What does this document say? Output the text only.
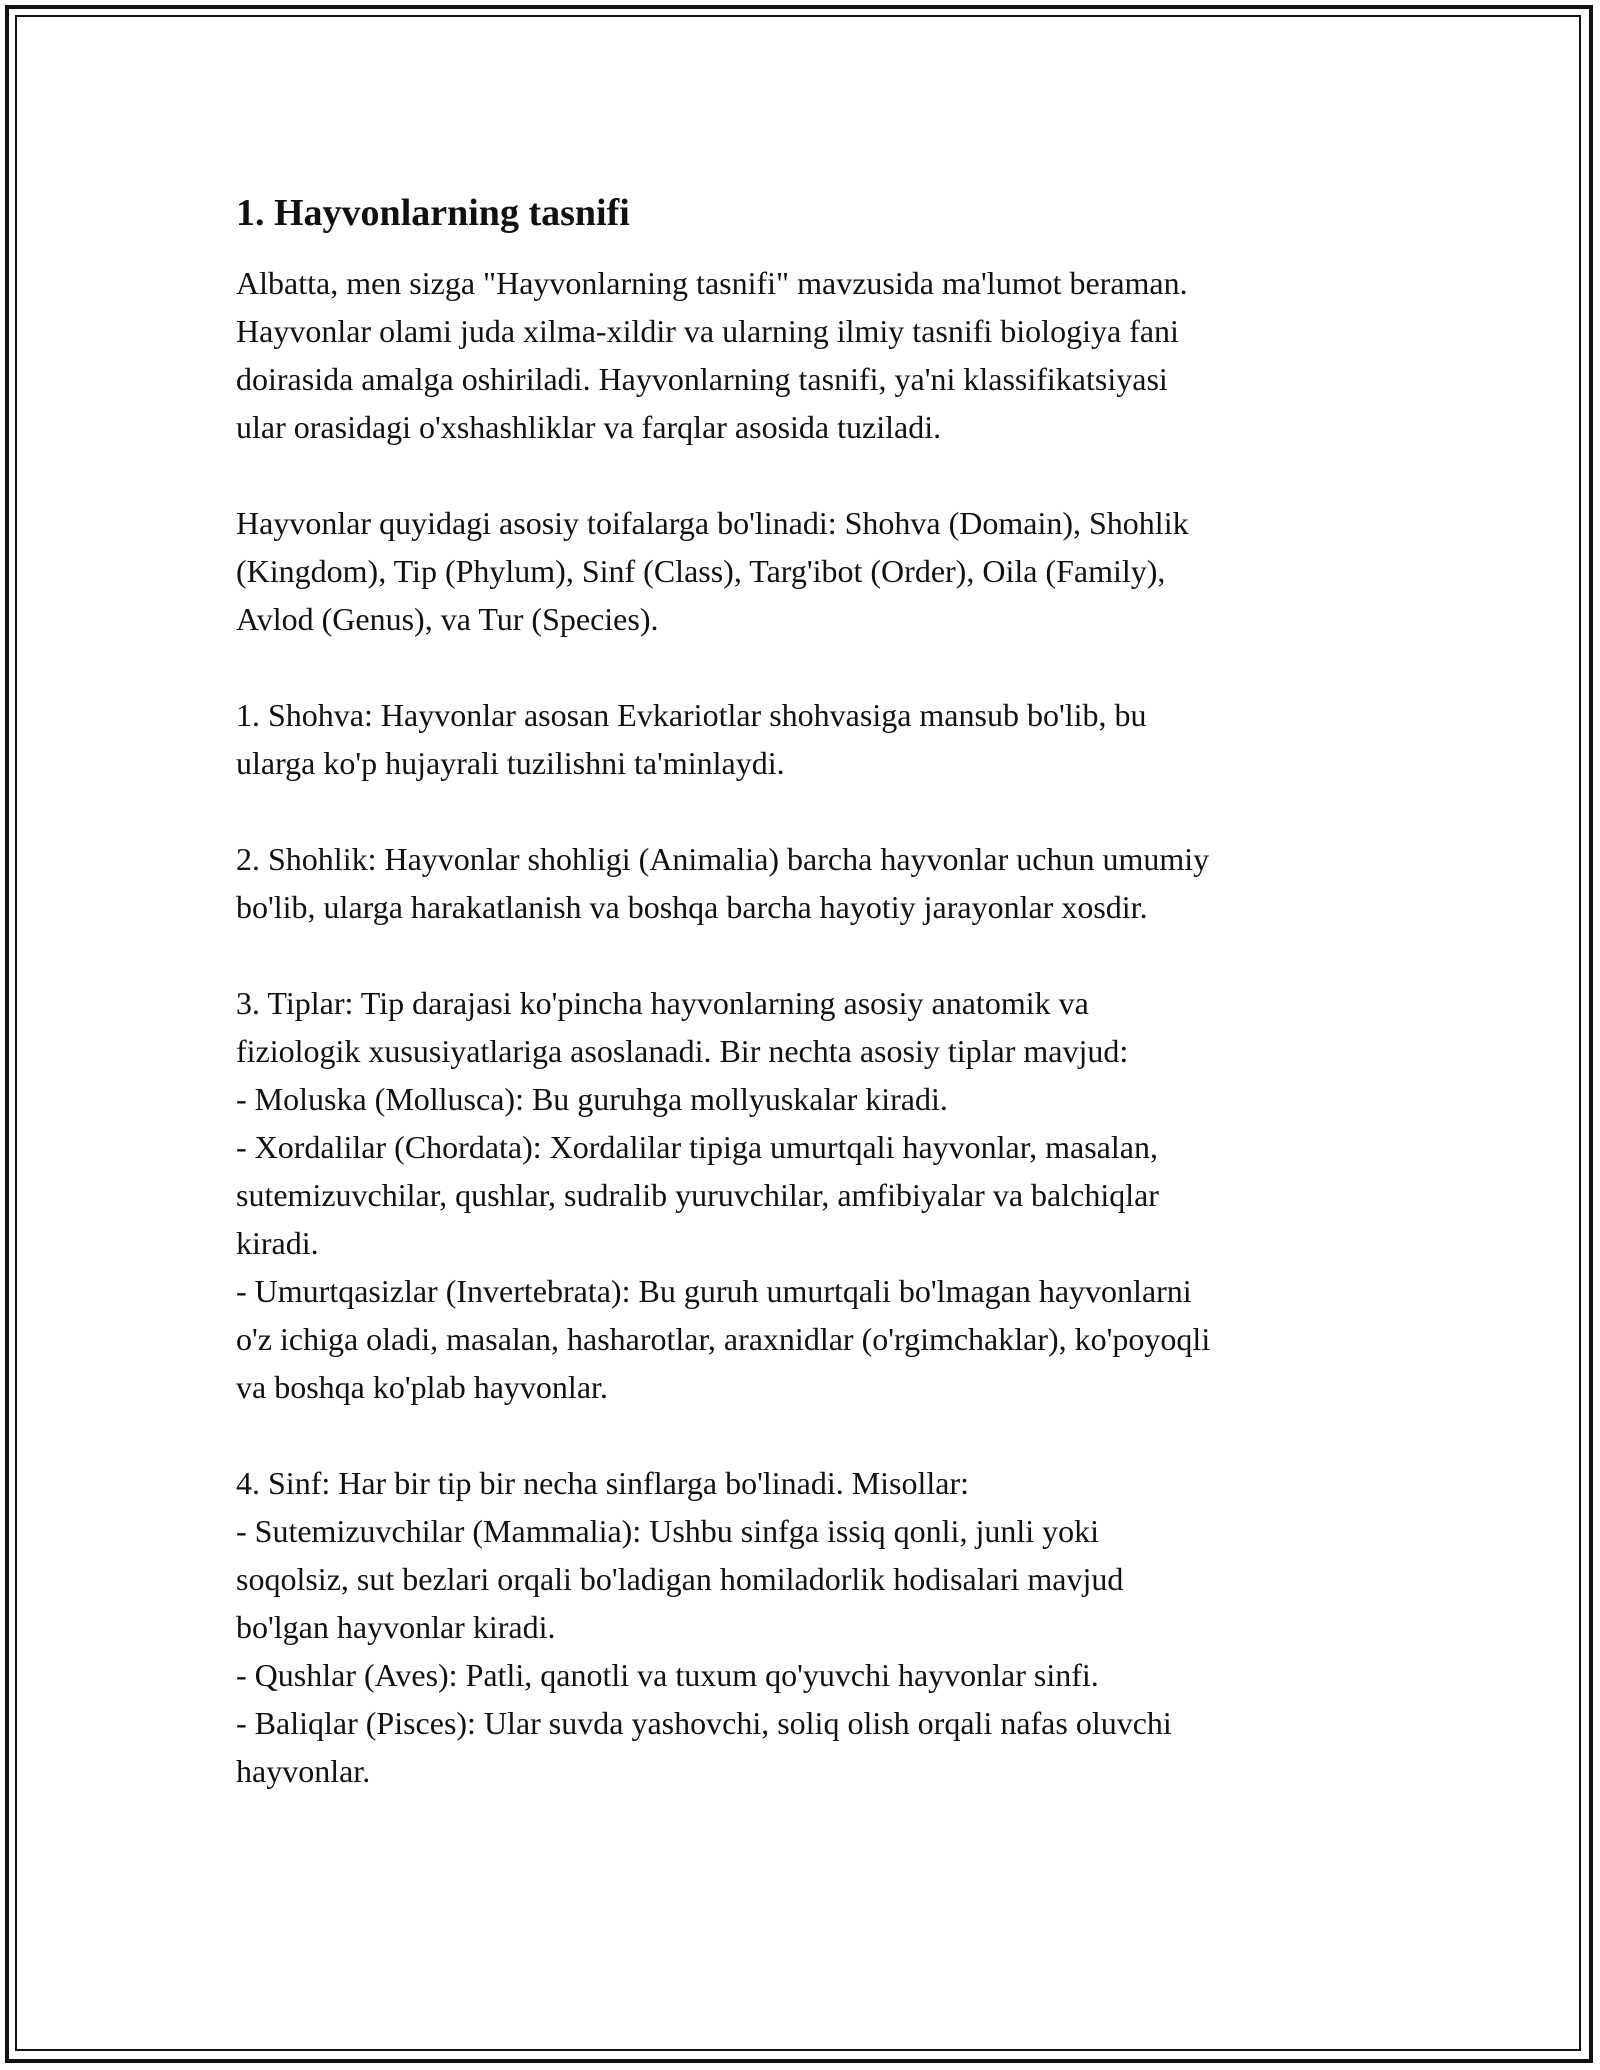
1. Hayvonlarning tasnifi

Albatta, men sizga "Hayvonlarning tasnifi" mavzusida ma'lumot beraman.
Hayvonlar olami juda xilma-xildir va ularning ilmiy tasnifi biologiya fani
doirasida amalga oshiriladi. Hayvonlarning tasnifi, ya'ni klassifikatsiyasi
ular orasidagi o'xshashliklar va farqlar asosida tuziladi.

Hayvonlar quyidagi asosiy toifalarga bo'linadi: Shohva (Domain), Shohlik
(Kingdom), Tip (Phylum), Sinf (Class), Targ'ibot (Order), Oila (Family),
Avlod (Genus), va Tur (Species).

1. Shohva: Hayvonlar asosan Evkariotlar shohvasiga mansub bo'lib, bu
ularga ko'p hujayrali tuzilishni ta'minlaydi.

2. Shohlik: Hayvonlar shohligi (Animalia) barcha hayvonlar uchun umumiy
bo'lib, ularga harakatlanish va boshqa barcha hayotiy jarayonlar xosdir.

3. Tiplar: Tip darajasi ko'pincha hayvonlarning asosiy anatomik va
fiziologik xususiyatlariga asoslanadi. Bir nechta asosiy tiplar mavjud:
- Moluska (Mollusca): Bu guruhga mollyuskalar kiradi.
- Xordalilar (Chordata): Xordalilar tipiga umurtqali hayvonlar, masalan,
sutemizuvchilar, qushlar, sudralib yuruvchilar, amfibiyalar va balchiqlar
kiradi.
- Umurtqasizlar (Invertebrata): Bu guruh umurtqali bo'lmagan hayvonlarni
o'z ichiga oladi, masalan, hasharotlar, araxnidlar (o'rgimchaklar), ko'poyoqli
va boshqa ko'plab hayvonlar.

4. Sinf: Har bir tip bir necha sinflarga bo'linadi. Misollar:
- Sutemizuvchilar (Mammalia): Ushbu sinfga issiq qonli, junli yoki
soqolsiz, sut bezlari orqali bo'ladigan homiladorlik hodisalari mavjud
bo'lgan hayvonlar kiradi.
- Qushlar (Aves): Patli, qanotli va tuxum qo'yuvchi hayvonlar sinfi.
- Baliqlar (Pisces): Ular suvda yashovchi, soliq olish orqali nafas oluvchi
hayvonlar.
